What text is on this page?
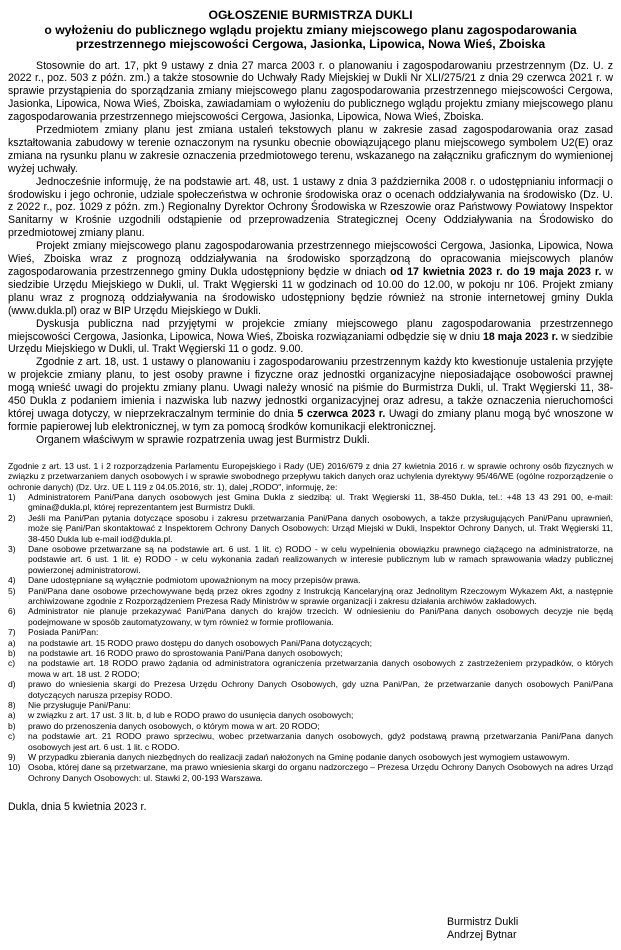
OGŁOSZENIE BURMISTRZA DUKLI
o wyłożeniu do publicznego wglądu projektu zmiany miejscowego planu zagospodarowania
przestrzennego miejscowości Cergowa, Jasionka, Lipowica, Nowa Wieś, Zboiska

Stosownie do art. 17, pkt 9 ustawy z dnia 27 marca 2003 r. o planowaniu i zagospodarowaniu przestrzennym (Dz. U. z 2022 r., poz. 503 z późn. zm.) a także stosownie do Uchwały Rady Miejskiej w Dukli Nr XLI/275/21 z dnia 29 czerwca 2021 r. w sprawie przystąpienia do sporządzania zmiany miejscowego planu zagospodarowania przestrzennego miejscowości Cergowa, Jasionka, Lipowica, Nowa Wieś, Zboiska, zawiadamiam o wyłożeniu do publicznego wglądu projektu zmiany miejscowego planu zagospodarowania przestrzennego miejscowości Cergowa, Jasionka, Lipowica, Nowa Wieś, Zboiska.

Przedmiotem zmiany planu jest zmiana ustaleń tekstowych planu w zakresie zasad zagospodarowania oraz zasad kształtowania zabudowy w terenie oznaczonym na rysunku obecnie obowiązującego planu miejscowego symbolem U2(E) oraz zmiana na rysunku planu w zakresie oznaczenia przedmiotowego terenu, wskazanego na załączniku graficznym do wymienionej wyżej uchwały.

Jednocześnie informuję, że na podstawie art. 48, ust. 1 ustawy z dnia 3 października 2008 r. o udostępnianiu informacji o środowisku i jego ochronie, udziale społeczeństwa w ochronie środowiska oraz o ocenach oddziaływania na środowisko (Dz. U. z 2022 r., poz. 1029 z późn. zm.) Regionalny Dyrektor Ochrony Środowiska w Rzeszowie oraz Państwowy Powiatowy Inspektor Sanitarny w Krośnie uzgodnili odstąpienie od przeprowadzenia Strategicznej Oceny Oddziaływania na Środowisko do przedmiotowej zmiany planu.

Projekt zmiany miejscowego planu zagospodarowania przestrzennego miejscowości Cergowa, Jasionka, Lipowica, Nowa Wieś, Zboiska wraz z prognozą oddziaływania na środowisko sporządzoną do opracowania miejscowych planów zagospodarowania przestrzennego gminy Dukla udostępniony będzie w dniach od 17 kwietnia 2023 r. do 19 maja 2023 r. w siedzibie Urzędu Miejskiego w Dukli, ul. Trakt Węgierski 11 w godzinach od 10.00 do 12.00, w pokoju nr 106. Projekt zmiany planu wraz z prognozą oddziaływania na środowisko udostępniony będzie również na stronie internetowej gminy Dukla (www.dukla.pl) oraz w BIP Urzędu Miejskiego w Dukli.

Dyskusja publiczna nad przyjętymi w projekcie zmiany miejscowego planu zagospodarowania przestrzennego miejscowości Cergowa, Jasionka, Lipowica, Nowa Wieś, Zboiska rozwiązaniami odbędzie się w dniu 18 maja 2023 r. w siedzibie Urzędu Miejskiego w Dukli, ul. Trakt Węgierski 11 o godz. 9.00.

Zgodnie z art. 18, ust. 1 ustawy o planowaniu i zagospodarowaniu przestrzennym każdy kto kwestionuje ustalenia przyjęte w projekcie zmiany planu, to jest osoby prawne i fizyczne oraz jednostki organizacyjne nieposiadające osobowości prawnej mogą wnieść uwagi do projektu zmiany planu. Uwagi należy wnosić na piśmie do Burmistrza Dukli, ul. Trakt Węgierski 11, 38-450 Dukla z podaniem imienia i nazwiska lub nazwy jednostki organizacyjnej oraz adresu, a także oznaczenia nieruchomości której uwaga dotyczy, w nieprzekraczalnym terminie do dnia 5 czerwca 2023 r. Uwagi do zmiany planu mogą być wnoszone w formie papierowej lub elektronicznej, w tym za pomocą środków komunikacji elektronicznej.

Organem właściwym w sprawie rozpatrzenia uwag jest Burmistrz Dukli.

Zgodnie z art. 13 ust. 1 i 2 rozporządzenia Parlamentu Europejskiego i Rady (UE) 2016/679 z dnia 27 kwietnia 2016 r. w sprawie ochrony osób fizycznych w związku z przetwarzaniem danych osobowych i w sprawie swobodnego przepływu takich danych oraz uchylenia dyrektywy 95/46/WE (ogólne rozporządzenie o ochronie danych) (Dz. Urz. UE L 119 z 04.05.2016, str. 1), dalej „RODO", informuję, że:

1)	Administratorem Pani/Pana danych osobowych jest Gmina Dukla z siedzibą: ul. Trakt Węgierski 11, 38-450 Dukla, tel.: +48 13 43 291 00, e-mail: gmina@dukla.pl, której reprezentantem jest Burmistrz Dukli.
2)	Jeśli ma Pani/Pan pytania dotyczące sposobu i zakresu przetwarzania Pani/Pana danych osobowych, a także przysługujących Pani/Panu uprawnień, może się Pani/Pan skontaktować z Inspektorem Ochrony Danych Osobowych: Urząd Miejski w Dukli, Inspektor Ochrony Danych, ul. Trakt Węgierski 11, 38-450 Dukla lub e-mail iod@dukla.pl.
3)	Dane osobowe przetwarzane są na podstawie art. 6 ust. 1 lit. c) RODO - w celu wypełnienia obowiązku prawnego ciążącego na administratorze, na podstawie art. 6 ust. 1 lit. e) RODO - w celu wykonania zadań realizowanych w interesie publicznym lub w ramach sprawowania władzy publicznej powierzonej administratorowi.
4)	Dane udostępniane są wyłącznie podmiotom upoważnionym na mocy przepisów prawa.
5)	Pani/Pana dane osobowe przechowywane będą przez okres zgodny z Instrukcją Kancelaryjną oraz Jednolitym Rzeczowym Wykazem Akt, a następnie archiwizowane zgodnie z Rozporządzeniem Prezesa Rady Ministrów w sprawie organizacji i zakresu działania archiwów zakładowych.
6)	Administrator nie planuje przekazywać Pani/Pana danych do krajów trzecich. W odniesieniu do Pani/Pana danych osobowych decyzje nie będą podejmowane w sposób zautomatyzowany, w tym również w formie profilowania.
7)	Posiada Pani/Pan:
a)	na podstawie art. 15 RODO prawo dostępu do danych osobowych Pani/Pana dotyczących;
b)	na podstawie art. 16 RODO prawo do sprostowania Pani/Pana danych osobowych;
c)	na podstawie art. 18 RODO prawo żądania od administratora ograniczenia przetwarzania danych osobowych z zastrzeżeniem przypadków, o których mowa w art. 18 ust. 2 RODO;
d)	prawo do wniesienia skargi do Prezesa Urzędu Ochrony Danych Osobowych, gdy uzna Pani/Pan, że przetwarzanie danych osobowych Pani/Pana dotyczących narusza przepisy RODO.
8)	Nie przysługuje Pani/Panu:
a)	w związku z art. 17 ust. 3 lit. b, d lub e RODO prawo do usunięcia danych osobowych;
b)	prawo do przenoszenia danych osobowych, o którym mowa w art. 20 RODO;
c)	na podstawie art. 21 RODO prawo sprzeciwu, wobec przetwarzania danych osobowych, gdyż podstawą prawną przetwarzania Pani/Pana danych osobowych jest art. 6 ust. 1 lit. c RODO.
9)	W przypadku zbierania danych niezbędnych do realizacji zadań nałożonych na Gminę podanie danych osobowych jest wymogiem ustawowym.
10) Osoba, której dane są przetwarzane, ma prawo wniesienia skargi do organu nadzorczego – Prezesa Urzędu Ochrony Danych Osobowych na adres Urząd Ochrony Danych Osobowych: ul. Stawki 2, 00-193 Warszawa.
Dukla, dnia 5 kwietnia 2023 r.
Burmistrz Dukli
Andrzej Bytnar
